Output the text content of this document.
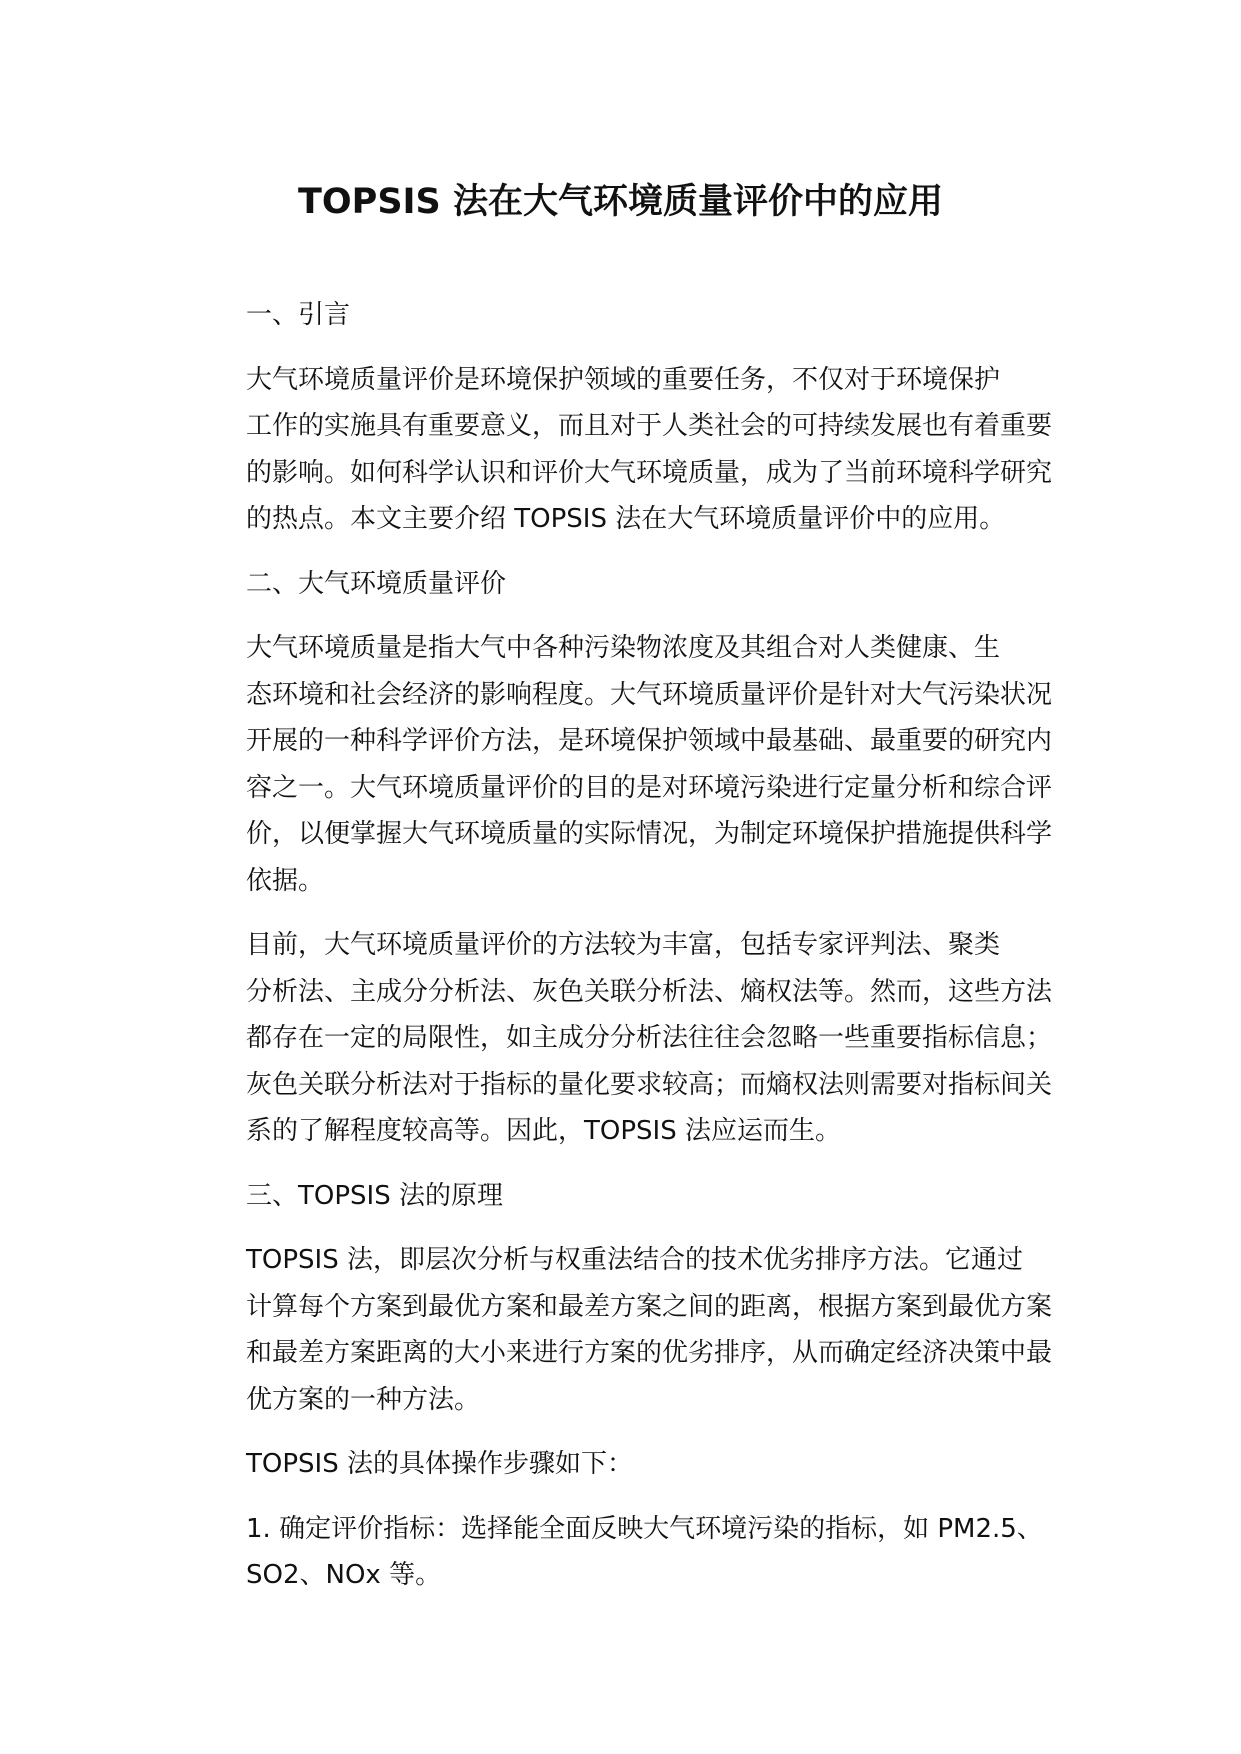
TOPSIS 法在大气环境质量评价中的应用

一、引言

大气环境质量评价是环境保护领域的重要任务，不仅对于环境保护
工作的实施具有重要意义，而且对于人类社会的可持续发展也有着重要
的影响。如何科学认识和评价大气环境质量，成为了当前环境科学研究
的热点。本文主要介绍 TOPSIS 法在大气环境质量评价中的应用。

二、大气环境质量评价

大气环境质量是指大气中各种污染物浓度及其组合对人类健康、生
态环境和社会经济的影响程度。大气环境质量评价是针对大气污染状况
开展的一种科学评价方法，是环境保护领域中最基础、最重要的研究内
容之一。大气环境质量评价的目的是对环境污染进行定量分析和综合评
价，以便掌握大气环境质量的实际情况，为制定环境保护措施提供科学
依据。

目前，大气环境质量评价的方法较为丰富，包括专家评判法、聚类
分析法、主成分分析法、灰色关联分析法、熵权法等。然而，这些方法
都存在一定的局限性，如主成分分析法往往会忽略一些重要指标信息；
灰色关联分析法对于指标的量化要求较高；而熵权法则需要对指标间关
系的了解程度较高等。因此，TOPSIS 法应运而生。

三、TOPSIS 法的原理

TOPSIS 法，即层次分析与权重法结合的技术优劣排序方法。它通过
计算每个方案到最优方案和最差方案之间的距离，根据方案到最优方案
和最差方案距离的大小来进行方案的优劣排序，从而确定经济决策中最
优方案的一种方法。

TOPSIS 法的具体操作步骤如下：

1. 确定评价指标：选择能全面反映大气环境污染的指标，如 PM2.5、
SO2、NOx 等。
